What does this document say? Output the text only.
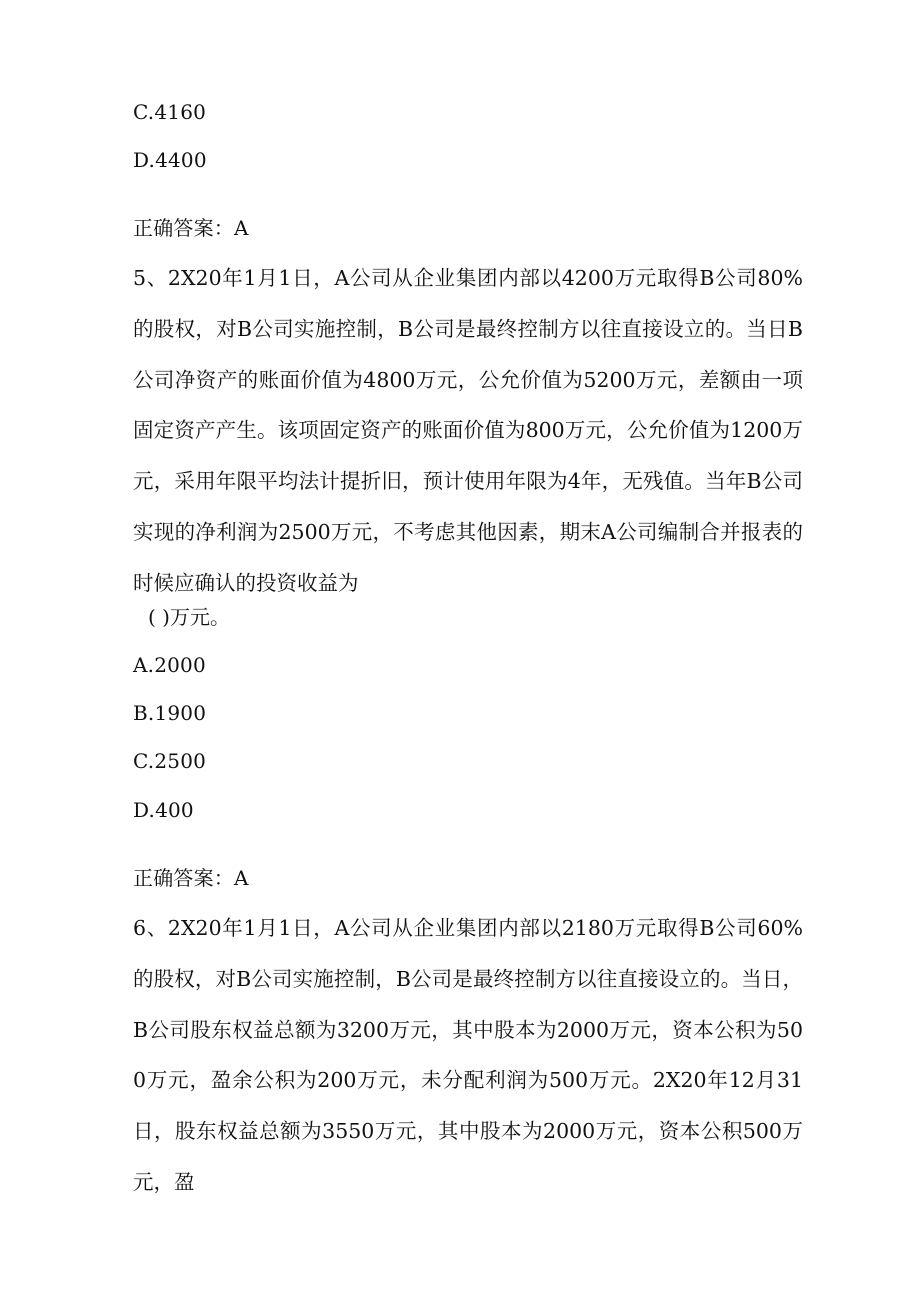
C.4160
D.4400
正确答案：A
5、2X20年1月1日，A公司从企业集团内部以4200万元取得B公司80%的股权，对B公司实施控制，B公司是最终控制方以往直接设立的。当日B公司净资产的账面价值为4800万元，公允价值为5200万元，差额由一项固定资产产生。该项固定资产的账面价值为800万元，公允价值为1200万元，采用年限平均法计提折旧，预计使用年限为4年，无残值。当年B公司实现的净利润为2500万元，不考虑其他因素，期末A公司编制合并报表的时候应确认的投资收益为
( )万元。
A.2000
B.1900
C.2500
D.400
正确答案：A
6、2X20年1月1日，A公司从企业集团内部以2180万元取得B公司60%的股权，对B公司实施控制，B公司是最终控制方以往直接设立的。当日，B公司股东权益总额为3200万元，其中股本为2000万元，资本公积为500万元，盈余公积为200万元，未分配利润为500万元。2X20年12月31日，股东权益总额为3550万元，其中股本为2000万元，资本公积500万元，盈
